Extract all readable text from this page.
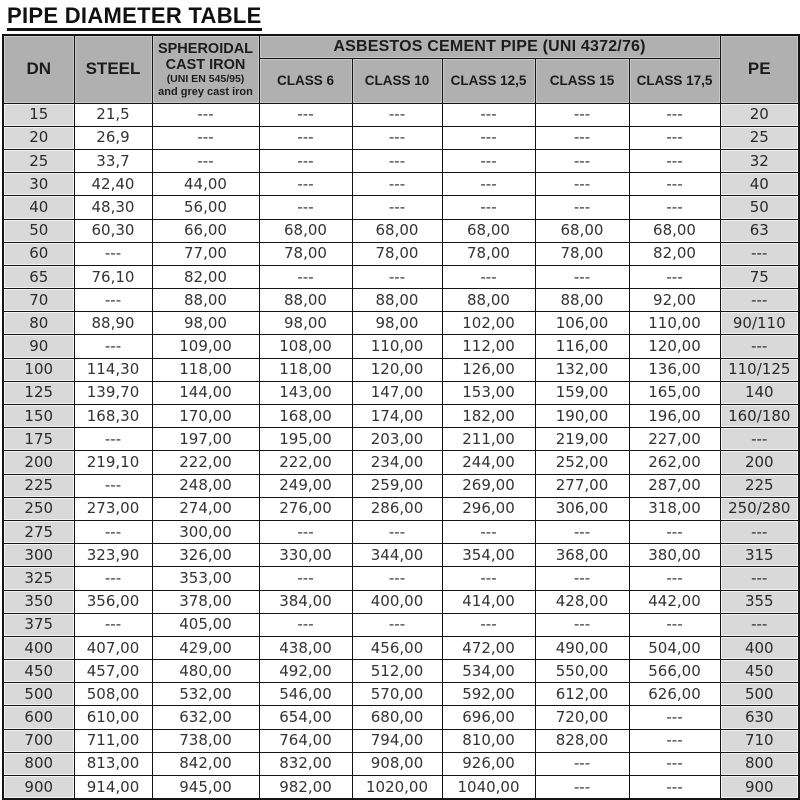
PIPE DIAMETER TABLE
DN	STEEL	SPHEROIDAL
CAST IRON
(UNI EN 545/95)
and grey cast iron	ASBESTOS CEMENT PIPE (UNI 4372/76)					PE
			CLASS 6	CLASS 10	CLASS 12,5	CLASS 15	CLASS 17,5	
15	21,5	---	---	---	---	---	---	20
20	26,9	---	---	---	---	---	---	25
25	33,7	---	---	---	---	---	---	32
30	42,40	44,00	---	---	---	---	---	40
40	48,30	56,00	---	---	---	---	---	50
50	60,30	66,00	68,00	68,00	68,00	68,00	68,00	63
60	---	77,00	78,00	78,00	78,00	78,00	82,00	---
65	76,10	82,00	---	---	---	---	---	75
70	---	88,00	88,00	88,00	88,00	88,00	92,00	---
80	88,90	98,00	98,00	98,00	102,00	106,00	110,00	90/110
90	---	109,00	108,00	110,00	112,00	116,00	120,00	---
100	114,30	118,00	118,00	120,00	126,00	132,00	136,00	110/125
125	139,70	144,00	143,00	147,00	153,00	159,00	165,00	140
150	168,30	170,00	168,00	174,00	182,00	190,00	196,00	160/180
175	---	197,00	195,00	203,00	211,00	219,00	227,00	---
200	219,10	222,00	222,00	234,00	244,00	252,00	262,00	200
225	---	248,00	249,00	259,00	269,00	277,00	287,00	225
250	273,00	274,00	276,00	286,00	296,00	306,00	318,00	250/280
275	---	300,00	---	---	---	---	---	---
300	323,90	326,00	330,00	344,00	354,00	368,00	380,00	315
325	---	353,00	---	---	---	---	---	---
350	356,00	378,00	384,00	400,00	414,00	428,00	442,00	355
375	---	405,00	---	---	---	---	---	---
400	407,00	429,00	438,00	456,00	472,00	490,00	504,00	400
450	457,00	480,00	492,00	512,00	534,00	550,00	566,00	450
500	508,00	532,00	546,00	570,00	592,00	612,00	626,00	500
600	610,00	632,00	654,00	680,00	696,00	720,00	---	630
700	711,00	738,00	764,00	794,00	810,00	828,00	---	710
800	813,00	842,00	832,00	908,00	926,00	---	---	800
900	914,00	945,00	982,00	1020,00	1040,00	---	---	900
